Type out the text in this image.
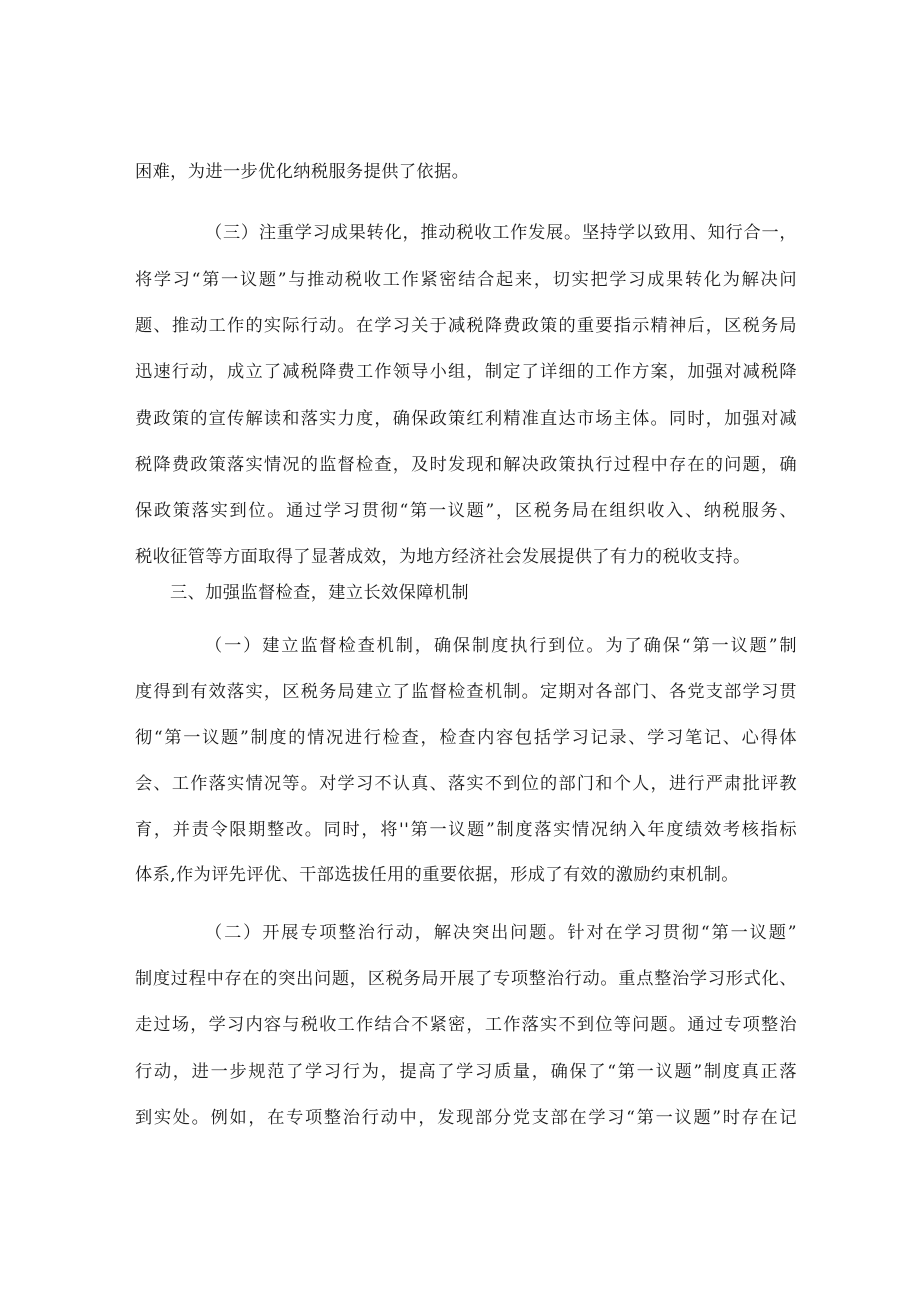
困难，为进一步优化纳税服务提供了依据。
（三）注重学习成果转化，推动税收工作发展。坚持学以致用、知行合一，
将学习“第一议题”与推动税收工作紧密结合起来，切实把学习成果转化为解决问
题、推动工作的实际行动。在学习关于减税降费政策的重要指示精神后，区税务局
迅速行动，成立了减税降费工作领导小组，制定了详细的工作方案，加强对减税降
费政策的宣传解读和落实力度，确保政策红利精准直达市场主体。同时，加强对减
税降费政策落实情况的监督检查，及时发现和解决政策执行过程中存在的问题，确
保政策落实到位。通过学习贯彻“第一议题”，区税务局在组织收入、纳税服务、
税收征管等方面取得了显著成效，为地方经济社会发展提供了有力的税收支持。
三、加强监督检查，建立长效保障机制
（一）建立监督检查机制，确保制度执行到位。为了确保“第一议题”制
度得到有效落实，区税务局建立了监督检查机制。定期对各部门、各党支部学习贯
彻“第一议题”制度的情况进行检查，检查内容包括学习记录、学习笔记、心得体
会、工作落实情况等。对学习不认真、落实不到位的部门和个人，进行严肃批评教
育，并责令限期整改。同时，将''第一议题”制度落实情况纳入年度绩效考核指标
体系,作为评先评优、干部选拔任用的重要依据，形成了有效的激励约束机制。
（二）开展专项整治行动，解决突出问题。针对在学习贯彻“第一议题”
制度过程中存在的突出问题，区税务局开展了专项整治行动。重点整治学习形式化、
走过场，学习内容与税收工作结合不紧密，工作落实不到位等问题。通过专项整治
行动，进一步规范了学习行为，提高了学习质量，确保了“第一议题”制度真正落
到实处。例如，在专项整治行动中，发现部分党支部在学习“第一议题”时存在记
